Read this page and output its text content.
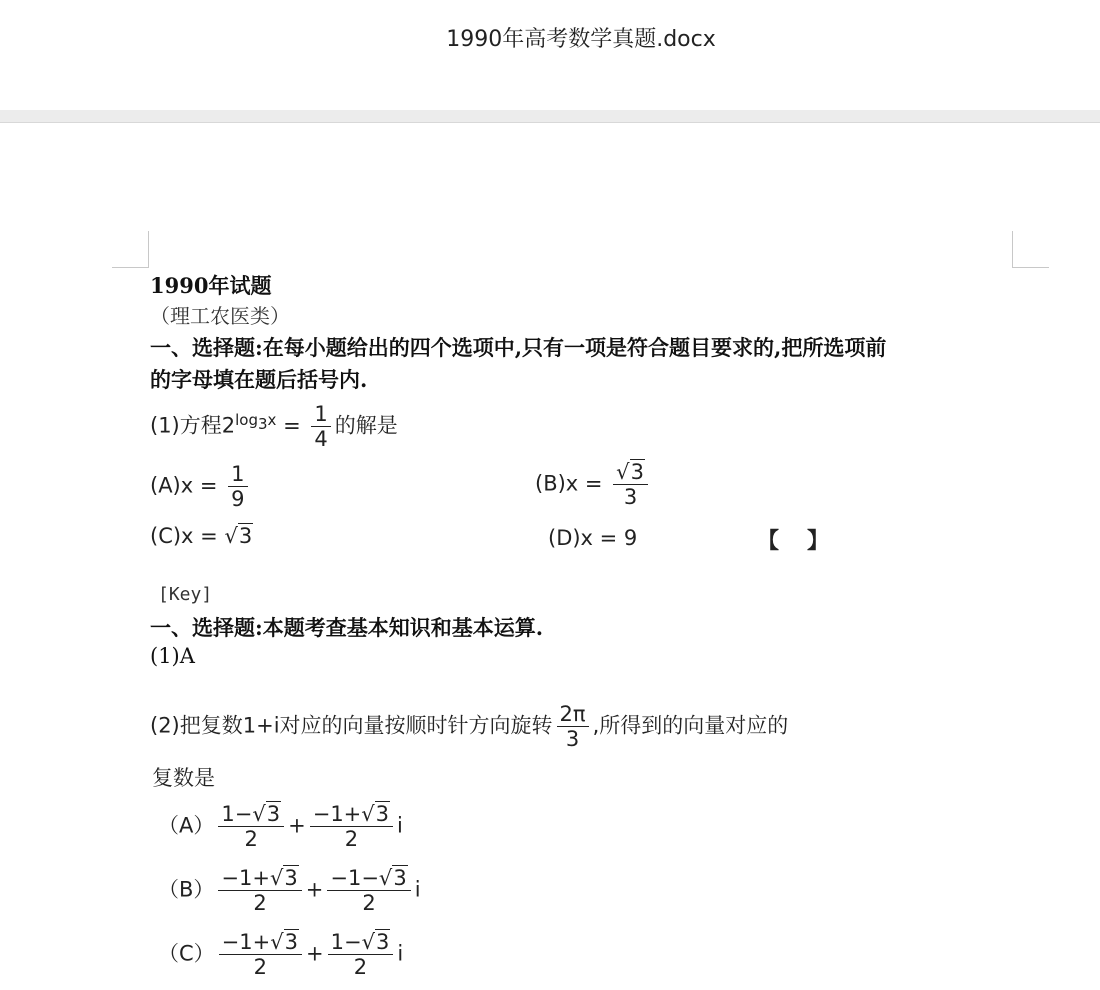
1990年高考数学真题.docx
1990年试题
（理工农医类）
一、选择题:在每小题给出的四个选项中,只有一项是符合题目要求的,把所选项前
的字母填在题后括号内.
(1)方程$2^{log3x} = \frac{1}{4}$ 的解是
$(A)x = \frac{1}{9}$	$(B)x = \frac{√3}{3}$
(C)x = √3	(D)x = 9	【 】
[Key]
一、选择题:本题考查基本知识和基本运算.
(1)A
(2)把复数1+i对应的向量按顺时针方向旋转 $\frac{2\pi}{3}$ ,所得到的向量对应的
复数是
$(A) \frac{1-√3}{2} + \frac{-1+√3}{2}$ i
$(B) \frac{-1+√3}{2} + \frac{-1-√3}{2}$ i
$(C) \frac{-1+√3}{2} + \frac{1-√3}{2}$ i
